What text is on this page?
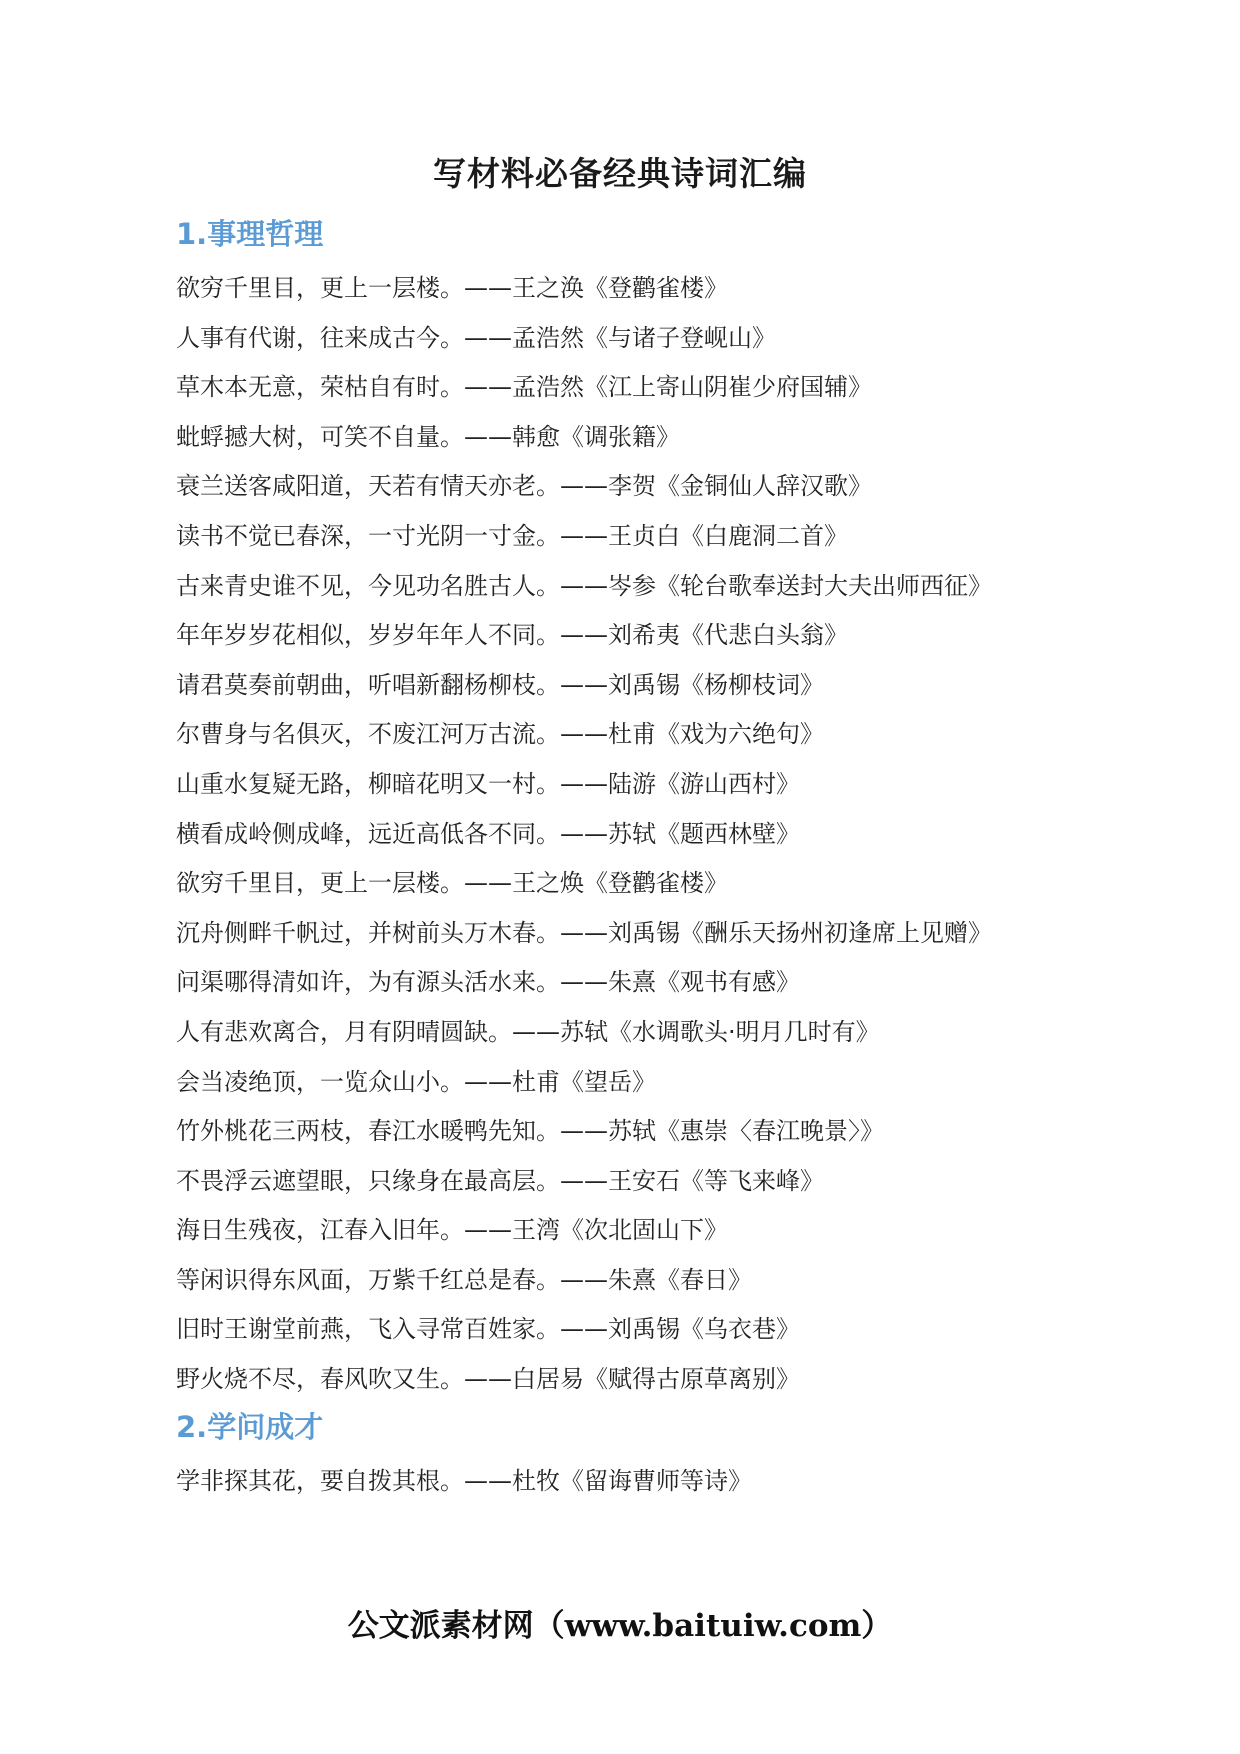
写材料必备经典诗词汇编
1.事理哲理
欲穷千里目，更上一层楼。——王之涣《登鹳雀楼》
人事有代谢，往来成古今。——孟浩然《与诸子登岘山》
草木本无意，荣枯自有时。——孟浩然《江上寄山阴崔少府国辅》
蚍蜉撼大树，可笑不自量。——韩愈《调张籍》
衰兰送客咸阳道，天若有情天亦老。——李贺《金铜仙人辞汉歌》
读书不觉已春深，一寸光阴一寸金。——王贞白《白鹿洞二首》
古来青史谁不见，今见功名胜古人。——岑参《轮台歌奉送封大夫出师西征》
年年岁岁花相似，岁岁年年人不同。——刘希夷《代悲白头翁》
请君莫奏前朝曲，听唱新翻杨柳枝。——刘禹锡《杨柳枝词》
尔曹身与名俱灭，不废江河万古流。——杜甫《戏为六绝句》
山重水复疑无路，柳暗花明又一村。——陆游《游山西村》
横看成岭侧成峰，远近高低各不同。——苏轼《题西林壁》
欲穷千里目，更上一层楼。——王之焕《登鹳雀楼》
沉舟侧畔千帆过，并树前头万木春。——刘禹锡《酬乐天扬州初逢席上见赠》
问渠哪得清如许，为有源头活水来。——朱熹《观书有感》
人有悲欢离合，月有阴晴圆缺。——苏轼《水调歌头·明月几时有》
会当凌绝顶，一览众山小。——杜甫《望岳》
竹外桃花三两枝，春江水暖鸭先知。——苏轼《惠崇〈春江晚景〉》
不畏浮云遮望眼，只缘身在最高层。——王安石《等飞来峰》
海日生残夜，江春入旧年。——王湾《次北固山下》
等闲识得东风面，万紫千红总是春。——朱熹《春日》
旧时王谢堂前燕，飞入寻常百姓家。——刘禹锡《乌衣巷》
野火烧不尽，春风吹又生。——白居易《赋得古原草离别》
2.学问成才
学非探其花，要自拨其根。——杜牧《留诲曹师等诗》
公文派素材网（www.baituiw.com）
